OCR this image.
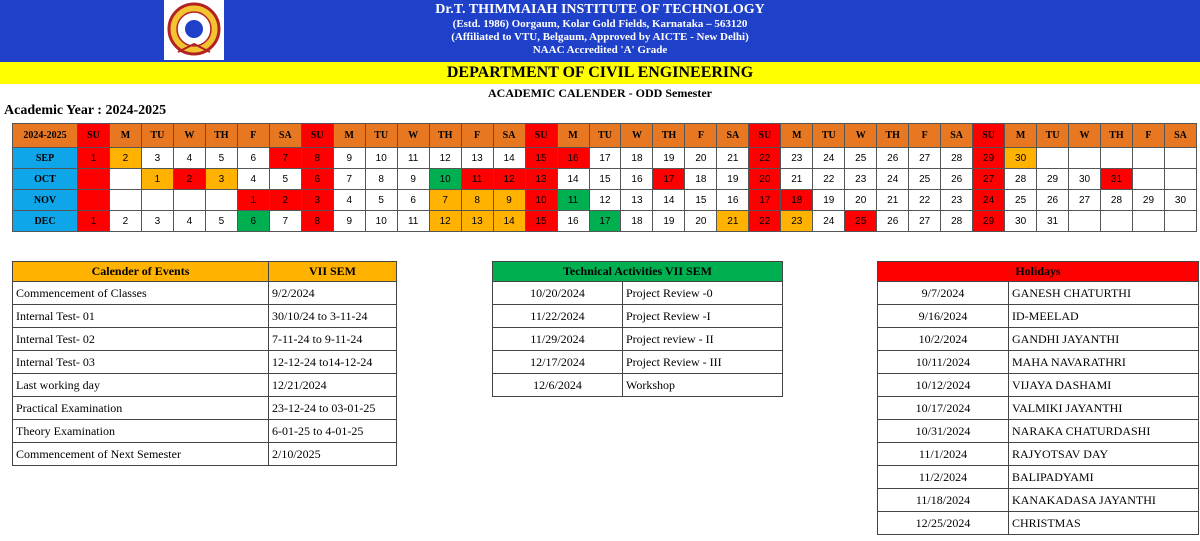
Dr.T. THIMMAIAH INSTITUTE OF TECHNOLOGY
(Estd. 1986) Oorgaum, Kolar Gold Fields, Karnataka – 563120
(Affiliated to VTU, Belgaum, Approved by AICTE - New Delhi)
NAAC Accredited 'A' Grade
DEPARTMENT OF CIVIL ENGINEERING
ACADEMIC CALENDER - ODD Semester
Academic Year : 2024-2025
2024-2025	SU	M	TU	W	TH	F	SA	SU	M	TU	W	TH	F	SA	SU	M	TU	W	TH	F	SA	SU	M	TU	W	TH	F	SA	SU	M	TU	W	TH	F	SA
SEP	1	2	3	4	5	6	7	8	9	10	11	12	13	14	15	16	17	18	19	20	21	22	23	24	25	26	27	28	29	30					
OCT			1	2	3	4	5	6	7	8	9	10	11	12	13	14	15	16	17	18	19	20	21	22	23	24	25	26	27	28	29	30	31		
NOV						1	2	3	4	5	6	7	8	9	10	11	12	13	14	15	16	17	18	19	20	21	22	23	24	25	26	27	28	29	30
DEC	1	2	3	4	5	6	7	8	9	10	11	12	13	14	15	16	17	18	19	20	21	22	23	24	25	26	27	28	29	30	31				
Calender of Events	VII SEM
Commencement of Classes	9/2/2024
Internal Test- 01	30/10/24 to 3-11-24
Internal Test- 02	7-11-24 to 9-11-24
Internal Test- 03	12-12-24 to14-12-24
Last working day	12/21/2024
Practical Examination	23-12-24 to 03-01-25
Theory Examination	6-01-25 to 4-01-25
Commencement of Next Semester	2/10/2025
Technical Activities VII SEM	
10/20/2024	Project Review -0
11/22/2024	Project Review -I
11/29/2024	Project review - II
12/17/2024	Project Review - III
12/6/2024	Workshop
Holidays	
9/7/2024	GANESH CHATURTHI
9/16/2024	ID-MEELAD
10/2/2024	GANDHI JAYANTHI
10/11/2024	MAHA NAVARATHRI
10/12/2024	VIJAYA DASHAMI
10/17/2024	VALMIKI JAYANTHI
10/31/2024	NARAKA CHATURDASHI
11/1/2024	RAJYOTSAV DAY
11/2/2024	BALIPADYAMI
11/18/2024	KANAKADASA JAYANTHI
12/25/2024	CHRISTMAS
